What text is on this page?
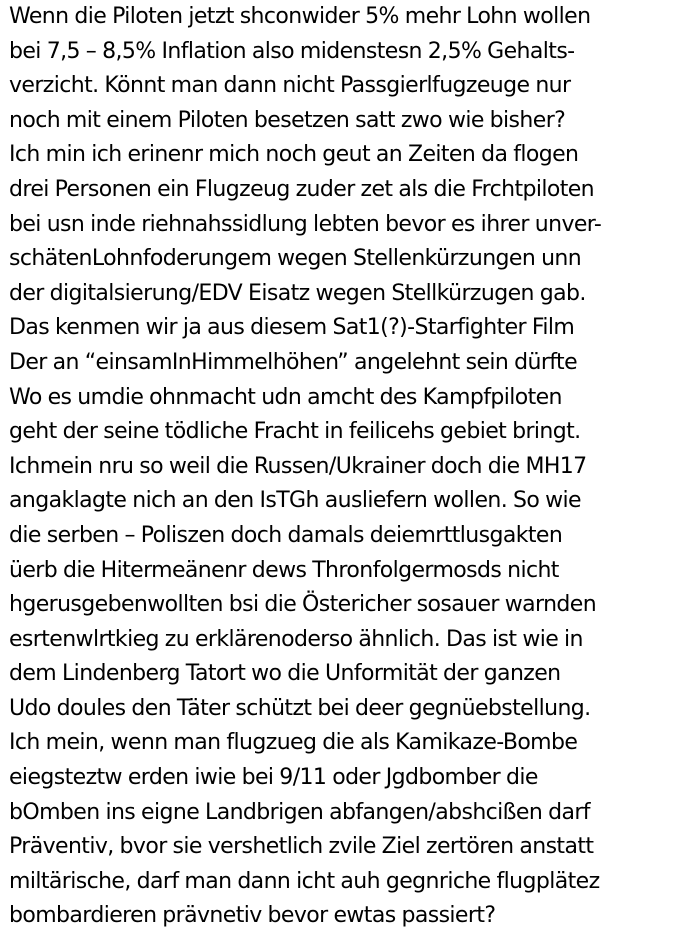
Wenn die Piloten jetzt shconwider 5% mehr Lohn wollen
bei 7,5 – 8,5% Inflation also midenstesn 2,5% Gehalts-
verzicht. Könnt man dann nicht Passgierlfugzeuge nur
noch mit einem Piloten besetzen satt zwo wie bisher?
Ich min ich erinenr mich noch geut an Zeiten da flogen
drei Personen ein Flugzeug zuder zet als die Frchtpiloten
bei usn inde riehnahssidlung lebten bevor es ihrer unver-
schätenLohnfoderungem wegen Stellenkürzungen unn
der digitalsierung/EDV Eisatz wegen Stellkürzugen gab.
Das kenmen wir ja aus diesem Sat1(?)-Starfighter Film
Der an “einsamInHimmelhöhen” angelehnt sein dürfte
Wo es umdie ohnmacht udn amcht des Kampfpiloten
geht der seine tödliche Fracht in feilicehs gebiet bringt.
Ichmein nru so weil die Russen/Ukrainer doch die MH17
angaklagte nich an den IsTGh ausliefern wollen. So wie
die serben – Poliszen doch damals deiemrttlusgakten
üerb die Hitermeänenr dews Thronfolgermosds nicht
hgerusgebenwollten bsi die Östericher sosauer warnden
esrtenwlrtkieg zu erklärenoderso ähnlich. Das ist wie in
dem Lindenberg Tatort wo die Unformität der ganzen
Udo doules den Täter schützt bei deer gegnüebstellung.
Ich mein, wenn man flugzueg die als Kamikaze-Bombe
eiegsteztw erden iwie bei 9/11 oder Jgdbomber die
bOmben ins eigne Landbrigen abfangen/abshcißen darf
Präventiv, bvor sie vershetlich zvile Ziel zertören anstatt
miltärische, darf man dann icht auh gegnriche flugplätez
bombardieren prävnetiv bevor ewtas passiert?
